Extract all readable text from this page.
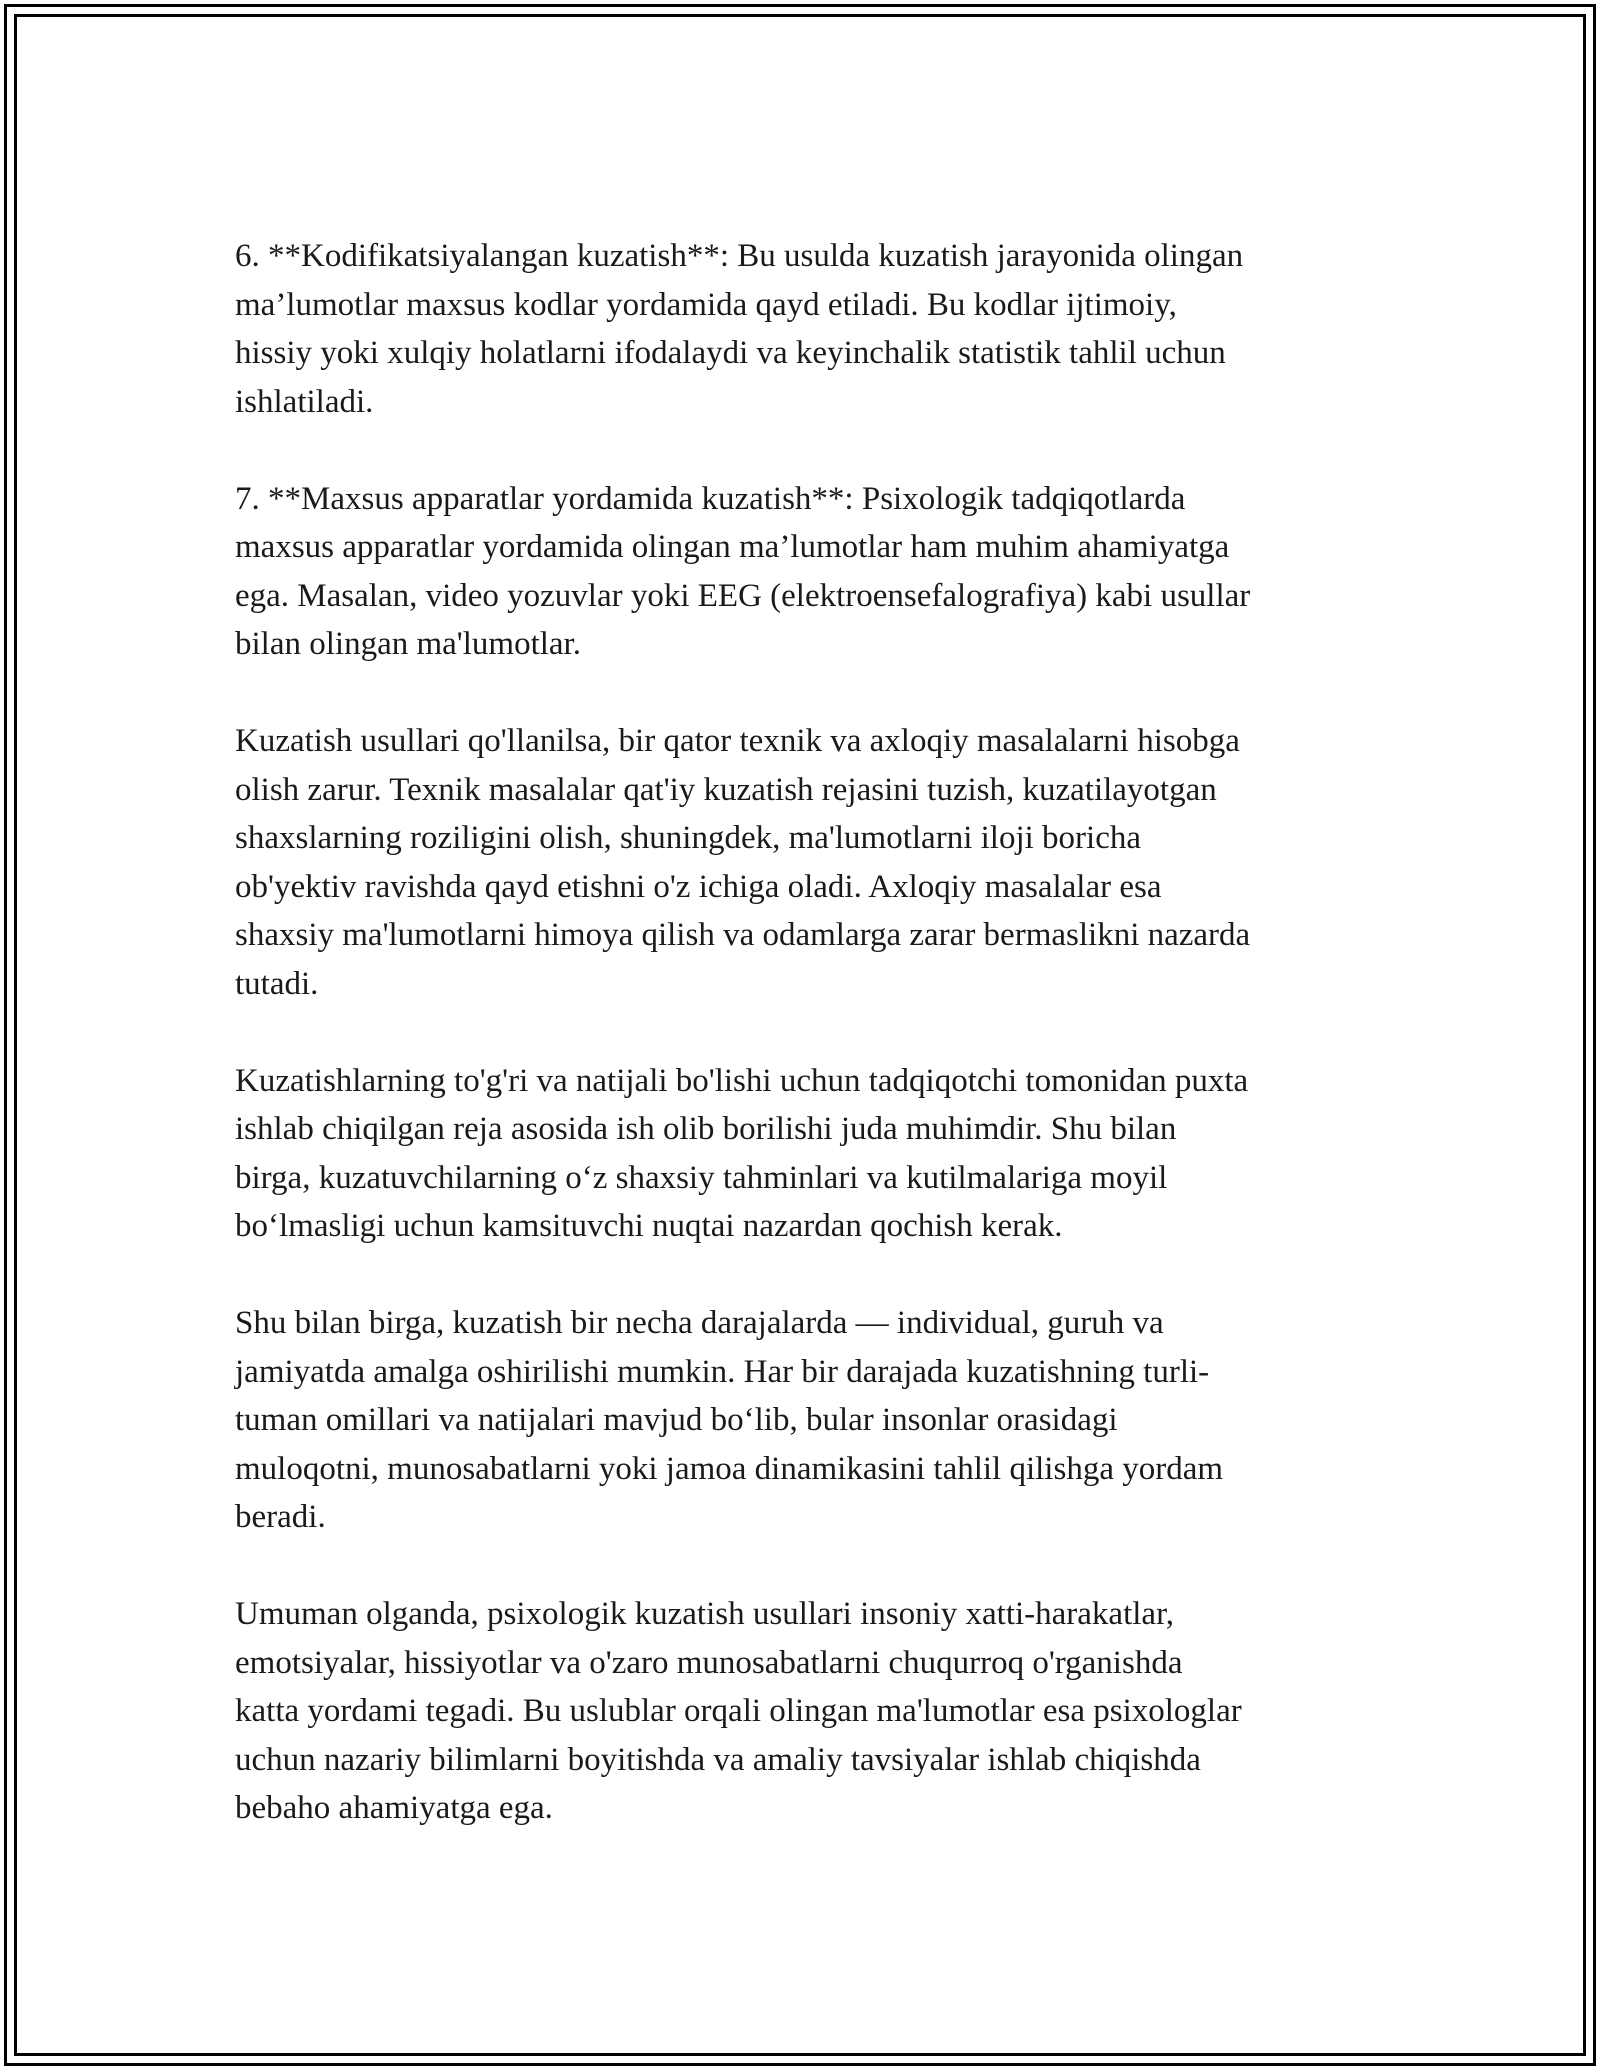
6. **Kodifikatsiyalangan kuzatish**: Bu usulda kuzatish jarayonida olingan
ma’lumotlar maxsus kodlar yordamida qayd etiladi. Bu kodlar ijtimoiy,
hissiy yoki xulqiy holatlarni ifodalaydi va keyinchalik statistik tahlil uchun
ishlatiladi.

7. **Maxsus apparatlar yordamida kuzatish**: Psixologik tadqiqotlarda
maxsus apparatlar yordamida olingan ma’lumotlar ham muhim ahamiyatga
ega. Masalan, video yozuvlar yoki EEG (elektroensefalografiya) kabi usullar
bilan olingan ma'lumotlar.

Kuzatish usullari qo'llanilsa, bir qator texnik va axloqiy masalalarni hisobga
olish zarur. Texnik masalalar qat'iy kuzatish rejasini tuzish, kuzatilayotgan
shaxslarning roziligini olish, shuningdek, ma'lumotlarni iloji boricha
ob'yektiv ravishda qayd etishni o'z ichiga oladi. Axloqiy masalalar esa
shaxsiy ma'lumotlarni himoya qilish va odamlarga zarar bermaslikni nazarda
tutadi.

Kuzatishlarning to'g'ri va natijali bo'lishi uchun tadqiqotchi tomonidan puxta
ishlab chiqilgan reja asosida ish olib borilishi juda muhimdir. Shu bilan
birga, kuzatuvchilarning o‘z shaxsiy tahminlari va kutilmalariga moyil
bo‘lmasligi uchun kamsituvchi nuqtai nazardan qochish kerak.

Shu bilan birga, kuzatish bir necha darajalarda — individual, guruh va
jamiyatda amalga oshirilishi mumkin. Har bir darajada kuzatishning turli-
tuman omillari va natijalari mavjud bo‘lib, bular insonlar orasidagi
muloqotni, munosabatlarni yoki jamoa dinamikasini tahlil qilishga yordam
beradi.

Umuman olganda, psixologik kuzatish usullari insoniy xatti-harakatlar,
emotsiyalar, hissiyotlar va o'zaro munosabatlarni chuqurroq o'rganishda
katta yordami tegadi. Bu uslublar orqali olingan ma'lumotlar esa psixologlar
uchun nazariy bilimlarni boyitishda va amaliy tavsiyalar ishlab chiqishda
bebaho ahamiyatga ega.
